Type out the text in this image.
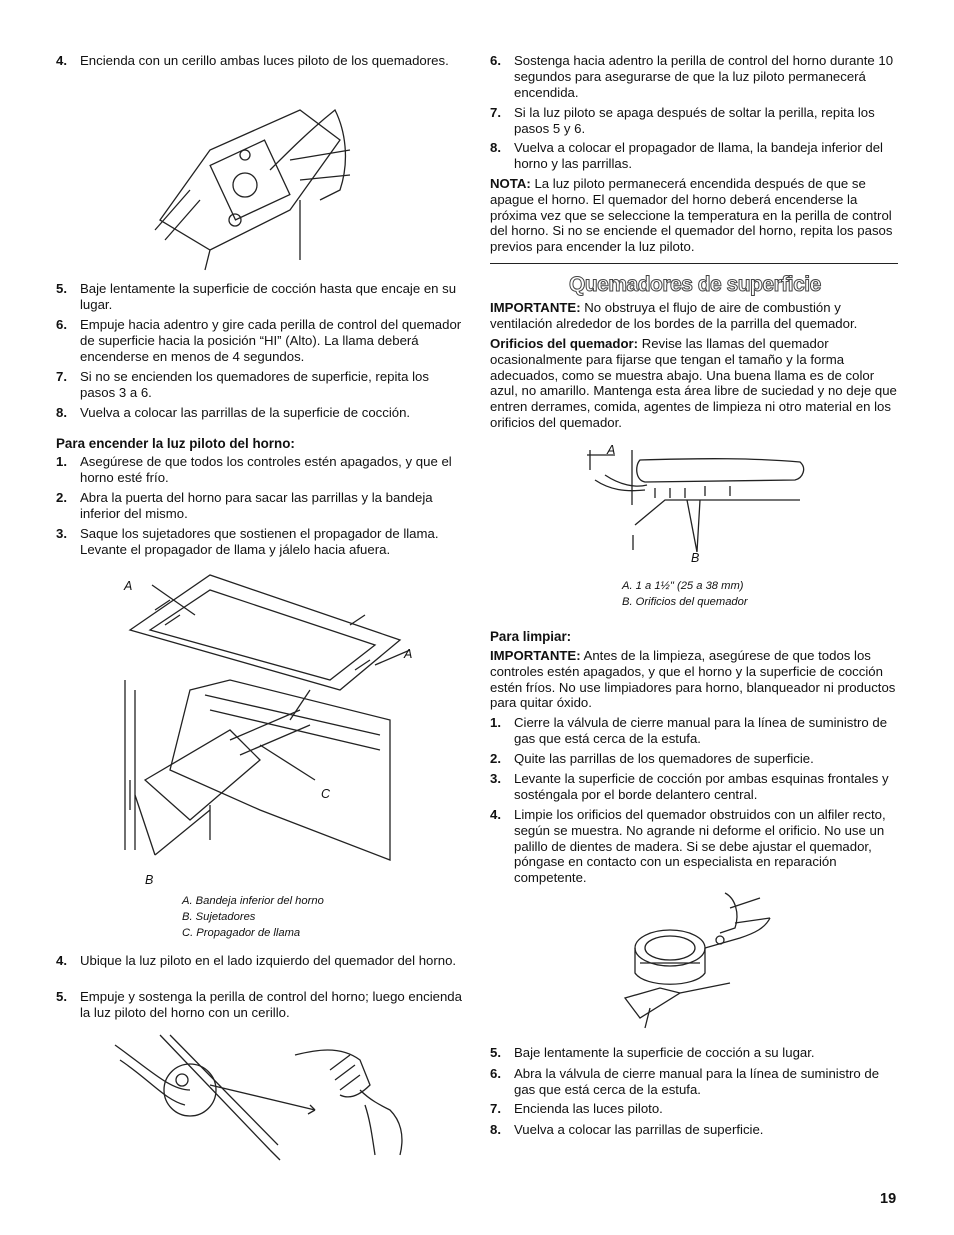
4. Encienda con un cerillo ambas luces piloto de los quemadores.
5. Baje lentamente la superficie de cocción hasta que encaje en su lugar.
6. Empuje hacia adentro y gire cada perilla de control del quemador de superficie hacia la posición “HI” (Alto). La llama deberá encenderse en menos de 4 segundos.
7. Si no se encienden los quemadores de superficie, repita los pasos 3 a 6.
8. Vuelva a colocar las parrillas de la superficie de cocción.
Para encender la luz piloto del horno:
1. Asegúrese de que todos los controles estén apagados, y que el horno esté frío.
2. Abra la puerta del horno para sacar las parrillas y la bandeja inferior del mismo.
3. Saque los sujetadores que sostienen el propagador de llama. Levante el propagador de llama y jálelo hacia afuera.
A
A
C
B
A. Bandeja inferior del horno
B. Sujetadores
C. Propagador de llama
4. Ubique la luz piloto en el lado izquierdo del quemador del horno.
5. Empuje y sostenga la perilla de control del horno; luego encienda la luz piloto del horno con un cerillo.
6. Sostenga hacia adentro la perilla de control del horno durante 10 segundos para asegurarse de que la luz piloto permanecerá encendida.
7. Si la luz piloto se apaga después de soltar la perilla, repita los pasos 5 y 6.
8. Vuelva a colocar el propagador de llama, la bandeja inferior del horno y las parrillas.
NOTA: La luz piloto permanecerá encendida después de que se apague el horno. El quemador del horno deberá encenderse la próxima vez que se seleccione la temperatura en la perilla de control del horno. Si no se enciende el quemador del horno, repita los pasos previos para encender la luz piloto.
Quemadores de superficie
IMPORTANTE: No obstruya el flujo de aire de combustión y ventilación alrededor de los bordes de la parrilla del quemador.
Orificios del quemador: Revise las llamas del quemador ocasionalmente para fijarse que tengan el tamaño y la forma adecuados, como se muestra abajo. Una buena llama es de color azul, no amarillo. Mantenga esta área libre de suciedad y no deje que entren derrames, comida, agentes de limpieza ni otro material en los orificios del quemador.
A
B
A. 1 a 1½" (25 a 38 mm)
B. Orificios del quemador
Para limpiar:
IMPORTANTE: Antes de la limpieza, asegúrese de que todos los controles estén apagados, y que el horno y la superficie de cocción estén fríos. No use limpiadores para horno, blanqueador ni productos para quitar óxido.
1. Cierre la válvula de cierre manual para la línea de suministro de gas que está cerca de la estufa.
2. Quite las parrillas de los quemadores de superficie.
3. Levante la superficie de cocción por ambas esquinas frontales y sosténgala por el borde delantero central.
4. Limpie los orificios del quemador obstruidos con un alfiler recto, según se muestra. No agrande ni deforme el orificio. No use un palillo de dientes de madera. Si se debe ajustar el quemador, póngase en contacto con un especialista en reparación competente.
5. Baje lentamente la superficie de cocción a su lugar.
6. Abra la válvula de cierre manual para la línea de suministro de gas que está cerca de la estufa.
7. Encienda las luces piloto.
8. Vuelva a colocar las parrillas de superficie.
19
